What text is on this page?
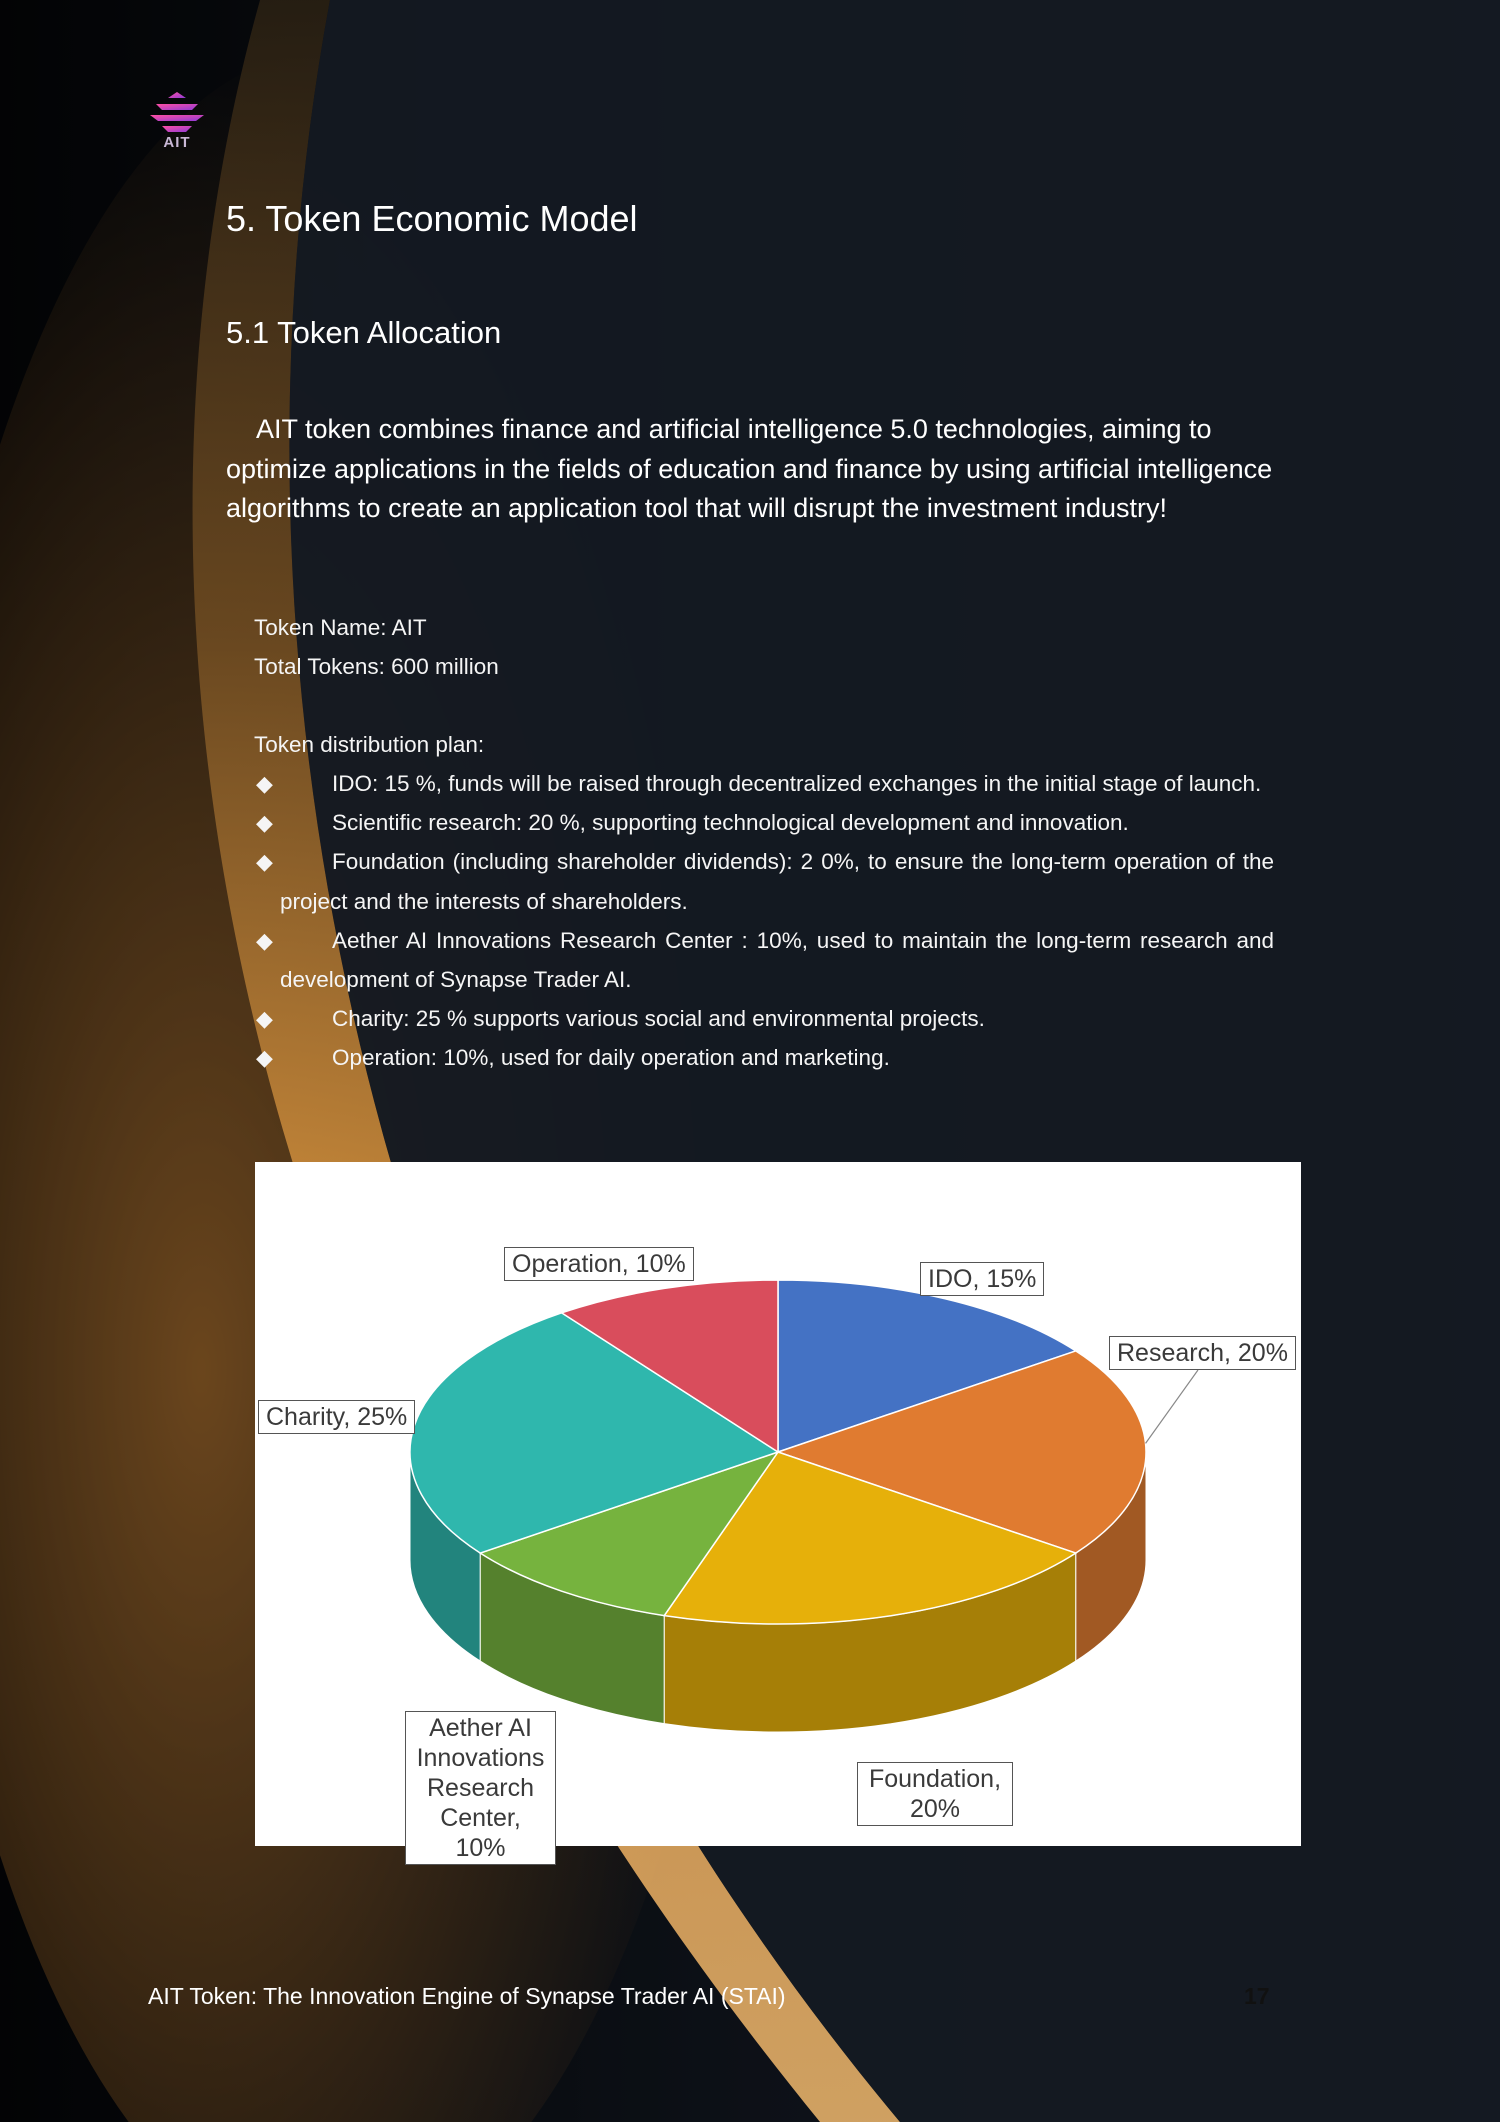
AIT
5. Token Economic Model
5.1 Token Allocation

AIT token combines finance and artificial intelligence 5.0 technologies, aiming to optimize applications in the fields of education and finance by using artificial intelligence algorithms to create an application tool that will disrupt the investment industry!

Token Name: AIT
Total Tokens: 600 million
Token distribution plan:
◆	IDO: 15 %, funds will be raised through decentralized exchanges in the initial stage of launch.
◆	Scientific research: 20 %, supporting technological development and innovation.
◆	Foundation (including shareholder dividends): 2 0%, to ensure the long-term operation of the project and the interests of shareholders.
◆	Aether AI Innovations Research Center : 10%, used to maintain the long-term research and development of Synapse Trader AI.
◆	Charity: 25 % supports various social and environmental projects.
◆	Operation: 10%, used for daily operation and marketing.
IDO, 15%
Research, 20%
Foundation, 20%
Aether AI Innovations Research Center, 10%
Charity, 25%
Operation, 10%
AIT Token: The Innovation Engine of Synapse Trader AI (STAI)	17
